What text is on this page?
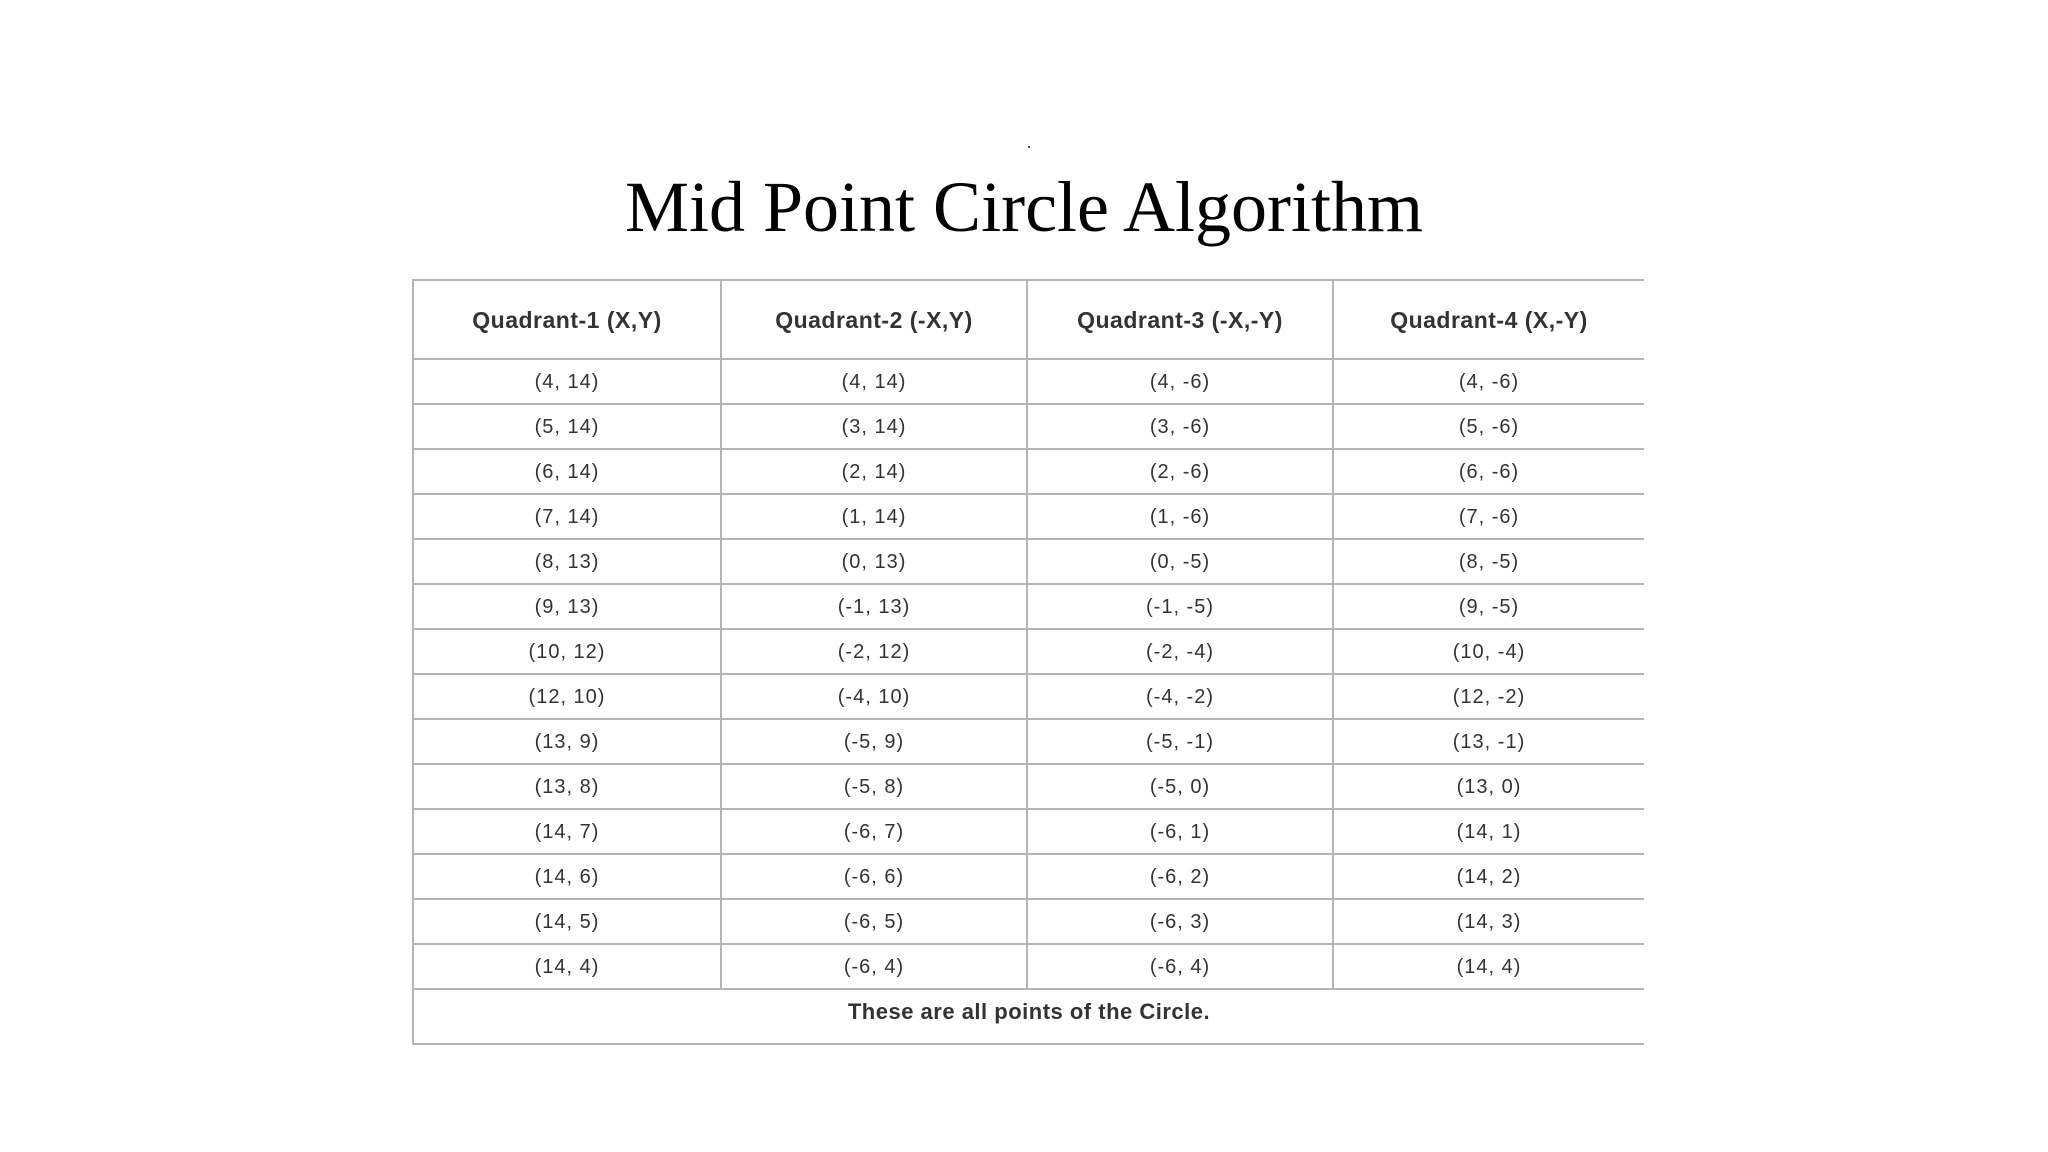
Mid Point Circle Algorithm
Quadrant-1 (X,Y)	Quadrant-2 (-X,Y)	Quadrant-3 (-X,-Y)	Quadrant-4 (X,-Y)
(4, 14)	(4, 14)	(4, -6)	(4, -6)
(5, 14)	(3, 14)	(3, -6)	(5, -6)
(6, 14)	(2, 14)	(2, -6)	(6, -6)
(7, 14)	(1, 14)	(1, -6)	(7, -6)
(8, 13)	(0, 13)	(0, -5)	(8, -5)
(9, 13)	(-1, 13)	(-1, -5)	(9, -5)
(10, 12)	(-2, 12)	(-2, -4)	(10, -4)
(12, 10)	(-4, 10)	(-4, -2)	(12, -2)
(13, 9)	(-5, 9)	(-5, -1)	(13, -1)
(13, 8)	(-5, 8)	(-5, 0)	(13, 0)
(14, 7)	(-6, 7)	(-6, 1)	(14, 1)
(14, 6)	(-6, 6)	(-6, 2)	(14, 2)
(14, 5)	(-6, 5)	(-6, 3)	(14, 3)
(14, 4)	(-6, 4)	(-6, 4)	(14, 4)
These are all points of the Circle.			
